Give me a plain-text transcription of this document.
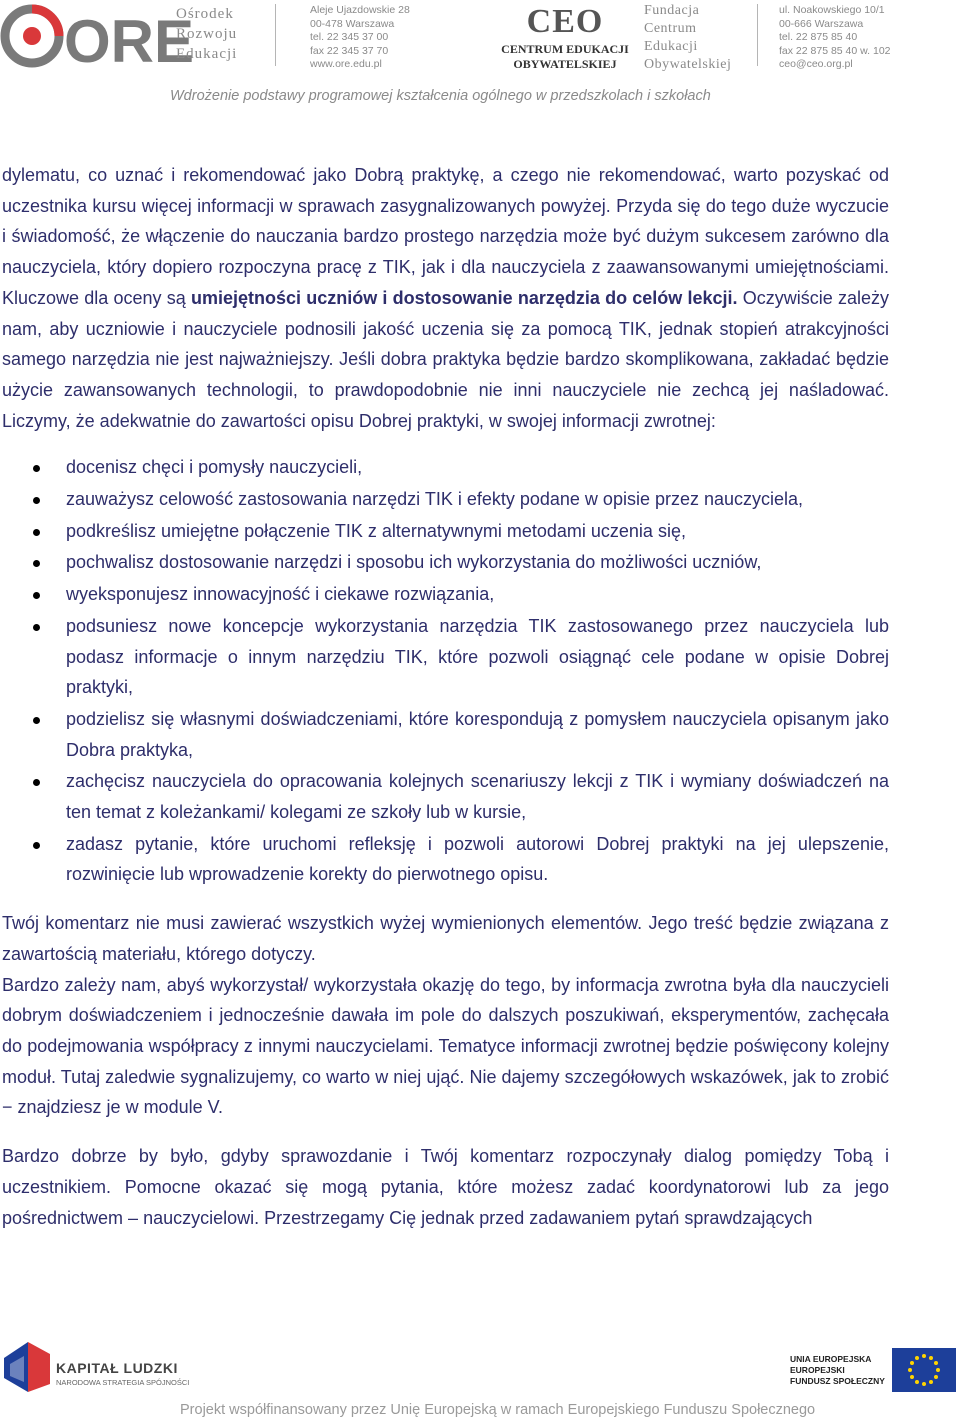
ORE
Ośrodek
Rozwoju
Edukacji
Aleje Ujazdowskie 28
00-478 Warszawa
tel. 22 345 37 00
fax 22 345 37 70
www.ore.edu.pl
CEO
CENTRUM EDUKACJI
OBYWATELSKIEJ
Fundacja
Centrum
Edukacji
Obywatelskiej
ul. Noakowskiego 10/1
00-666 Warszawa
tel. 22 875 85 40
fax 22 875 85 40 w. 102
ceo@ceo.org.pl
Wdrożenie podstawy programowej kształcenia ogólnego w przedszkolach i szkołach

dylematu, co uznać i rekomendować jako Dobrą praktykę, a czego nie rekomendować, warto pozyskać od uczestnika kursu więcej informacji w sprawach zasygnalizowanych powyżej. Przyda się do tego duże wyczucie i świadomość, że włączenie do nauczania bardzo prostego narzędzia może być dużym sukcesem zarówno dla nauczyciela, który dopiero rozpoczyna pracę z TIK, jak i dla nauczyciela z zaawansowanymi umiejętnościami. Kluczowe dla oceny są umiejętności uczniów i dostosowanie narzędzia do celów lekcji. Oczywiście zależy nam, aby uczniowie i nauczyciele podnosili jakość uczenia się za pomocą TIK, jednak stopień atrakcyjności samego narzędzia nie jest najważniejszy. Jeśli dobra praktyka będzie bardzo skomplikowana, zakładać będzie użycie zawansowanych technologii, to prawdopodobnie nie inni nauczyciele nie zechcą jej naśladować. Liczymy, że adekwatnie do zawartości opisu Dobrej praktyki, w swojej informacji zwrotnej:

docenisz chęci i pomysły nauczycieli,
zauważysz celowość zastosowania narzędzi TIK i efekty podane w opisie przez nauczyciela,
podkreślisz umiejętne połączenie TIK z alternatywnymi metodami uczenia się,
pochwalisz dostosowanie narzędzi i sposobu ich wykorzystania do możliwości uczniów,
wyeksponujesz innowacyjność i ciekawe rozwiązania,
podsuniesz nowe koncepcje wykorzystania narzędzia TIK zastosowanego przez nauczyciela lub podasz informacje o innym narzędziu TIK, które pozwoli osiągnąć cele podane w opisie Dobrej praktyki,
podzielisz się własnymi doświadczeniami, które korespondują z pomysłem nauczyciela opisanym jako Dobra praktyka,
zachęcisz nauczyciela do opracowania kolejnych scenariuszy lekcji z TIK i wymiany doświadczeń na ten temat z koleżankami/ kolegami ze szkoły lub w kursie,
zadasz pytanie, które uruchomi refleksję i pozwoli autorowi Dobrej praktyki na jej ulepszenie, rozwinięcie lub wprowadzenie korekty do pierwotnego opisu.

Twój komentarz nie musi zawierać wszystkich wyżej wymienionych elementów. Jego treść będzie związana z zawartością materiału, którego dotyczy.

Bardzo zależy nam, abyś wykorzystał/ wykorzystała okazję do tego, by informacja zwrotna była dla nauczycieli dobrym doświadczeniem i jednocześnie dawała im pole do dalszych poszukiwań, eksperymentów, zachęcała do podejmowania współpracy z innymi nauczycielami. Tematyce informacji zwrotnej będzie poświęcony kolejny moduł. Tutaj zaledwie sygnalizujemy, co warto w niej ująć. Nie dajemy szczegółowych wskazówek, jak to zrobić − znajdziesz je w module V.

Bardzo dobrze by było, gdyby sprawozdanie i Twój komentarz rozpoczynały dialog pomiędzy Tobą i uczestnikiem. Pomocne okazać się mogą pytania, które możesz zadać koordynatorowi lub za jego pośrednictwem – nauczycielowi. Przestrzegamy Cię jednak przed zadawaniem pytań sprawdzających

KAPITAŁ LUDZKI
NARODOWA STRATEGIA SPÓJNOŚCI
UNIA EUROPEJSKA
EUROPEJSKI
FUNDUSZ SPOŁECZNY
Projekt współfinansowany przez Unię Europejską w ramach Europejskiego Funduszu Społecznego
